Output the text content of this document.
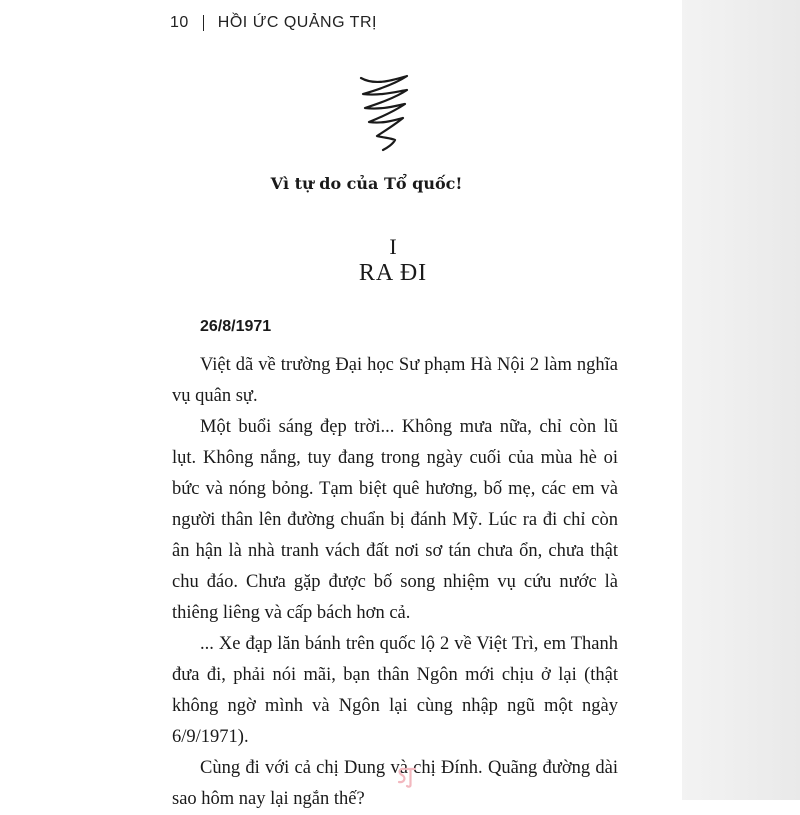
10 HỒI ỨC QUẢNG TRỊ
Vì tự do của Tổ quốc!
I
RA ĐI
26/8/1971

Việt dã về trường Đại học Sư phạm Hà Nội 2 làm nghĩa vụ quân sự.

Một buổi sáng đẹp trời... Không mưa nữa, chỉ còn lũ lụt. Không nắng, tuy đang trong ngày cuối của mùa hè oi bức và nóng bỏng. Tạm biệt quê hương, bố mẹ, các em và người thân lên đường chuẩn bị đánh Mỹ. Lúc ra đi chỉ còn ân hận là nhà tranh vách đất nơi sơ tán chưa ổn, chưa thật chu đáo. Chưa gặp được bố song nhiệm vụ cứu nước là thiêng liêng và cấp bách hơn cả.

... Xe đạp lăn bánh trên quốc lộ 2 về Việt Trì, em Thanh đưa đi, phải nói mãi, bạn thân Ngôn mới chịu ở lại (thật không ngờ mình và Ngôn lại cùng nhập ngũ một ngày 6/9/1971).

Cùng đi với cả chị Dung và chị Đính. Quãng đường dài sao hôm nay lại ngắn thế?
